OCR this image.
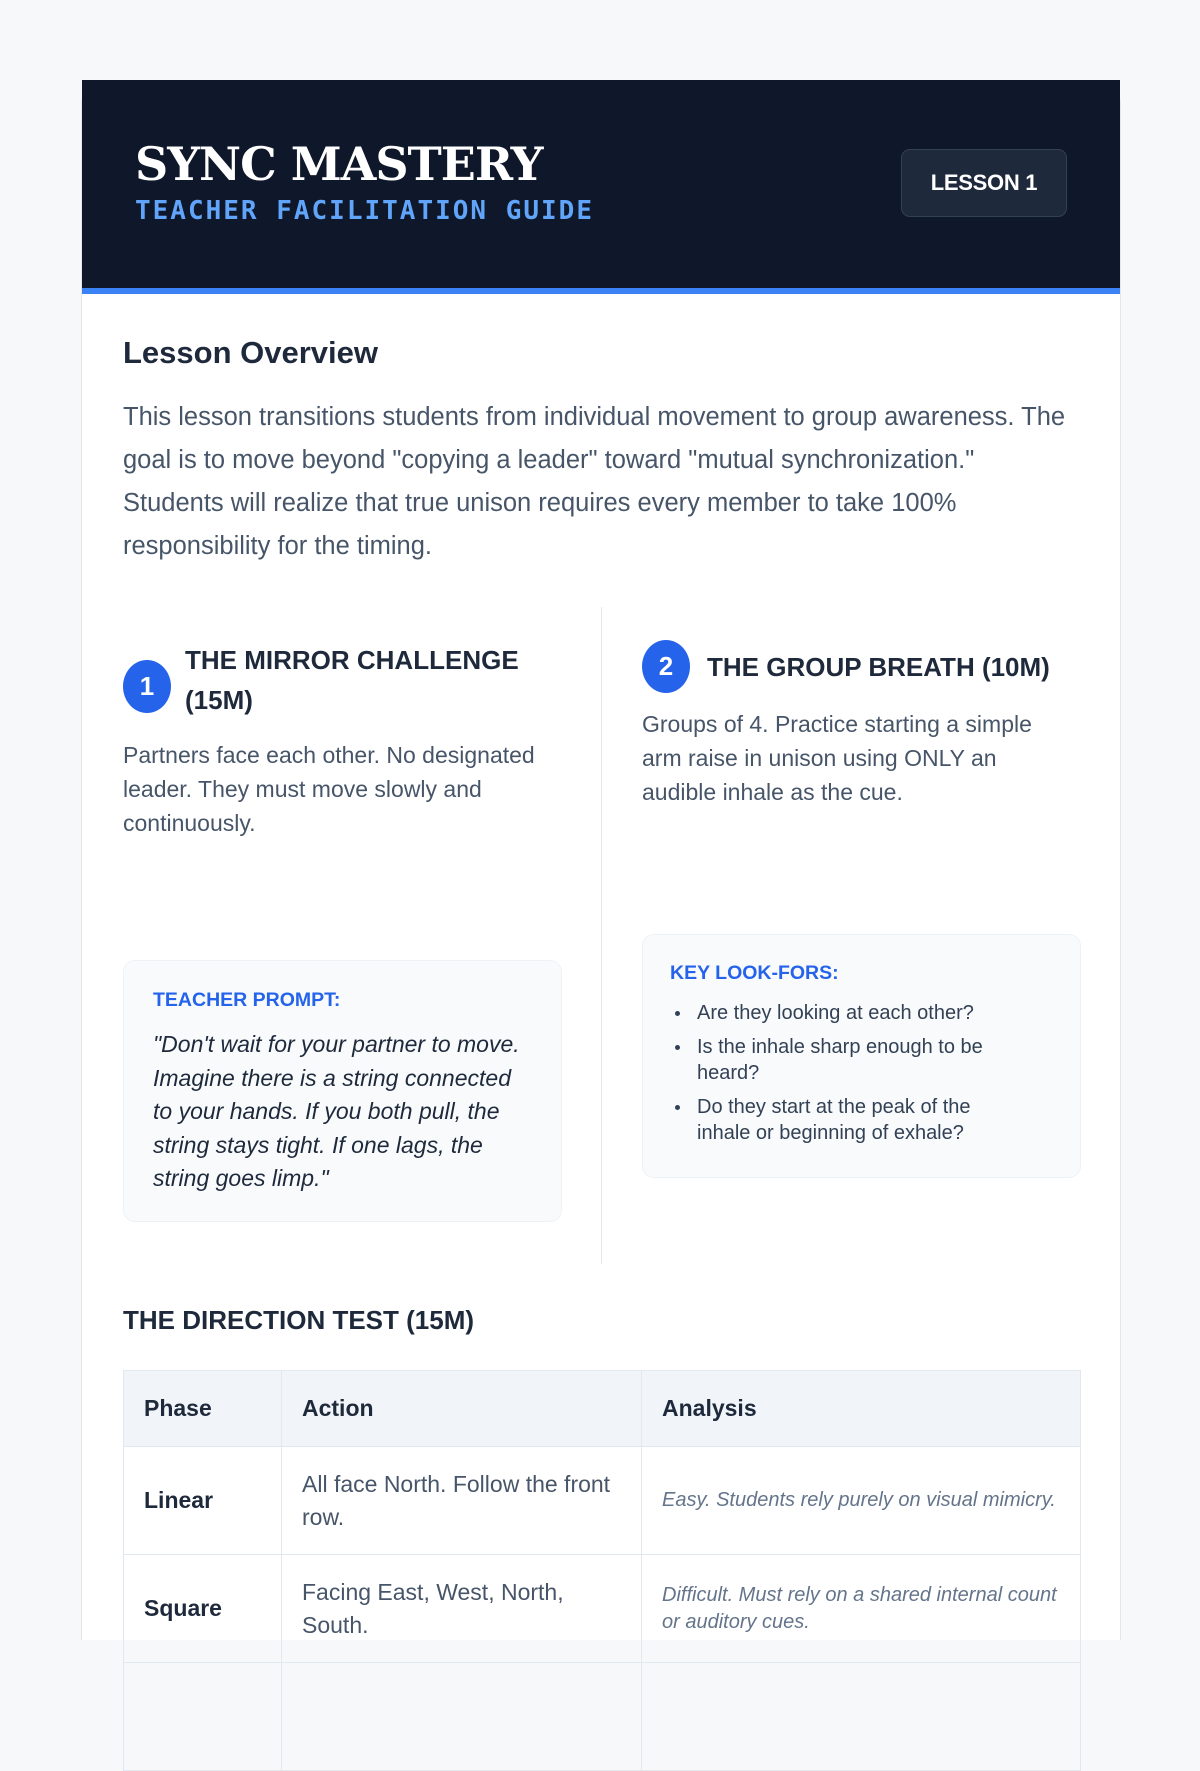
SYNC MASTERY
TEACHER FACILITATION GUIDE
LESSON 1
Lesson Overview

This lesson transitions students from individual movement to group awareness. The goal is to move beyond "copying a leader" toward "mutual synchronization." Students will realize that true unison requires every member to take 100% responsibility for the timing.

1
THE MIRROR CHALLENGE (15M)

Partners face each other. No designated leader. They must move slowly and continuously.

TEACHER PROMPT:

"Don't wait for your partner to move. Imagine there is a string connected to your hands. If you both pull, the string stays tight. If one lags, the string goes limp."

2	THE GROUP BREATH (10M)

Groups of 4. Practice starting a simple arm raise in unison using ONLY an audible inhale as the cue.

KEY LOOK-FORS:
Are they looking at each other?
Is the inhale sharp enough to be heard?
Do they start at the peak of the inhale or beginning of exhale?
THE DIRECTION TEST (15M)
Phase	Action	Analysis
Linear	All face North. Follow the front row.	Easy. Students rely purely on visual mimicry.
Square	Facing East, West, North, South.	Difficult. Must rely on a shared internal count or auditory cues.
